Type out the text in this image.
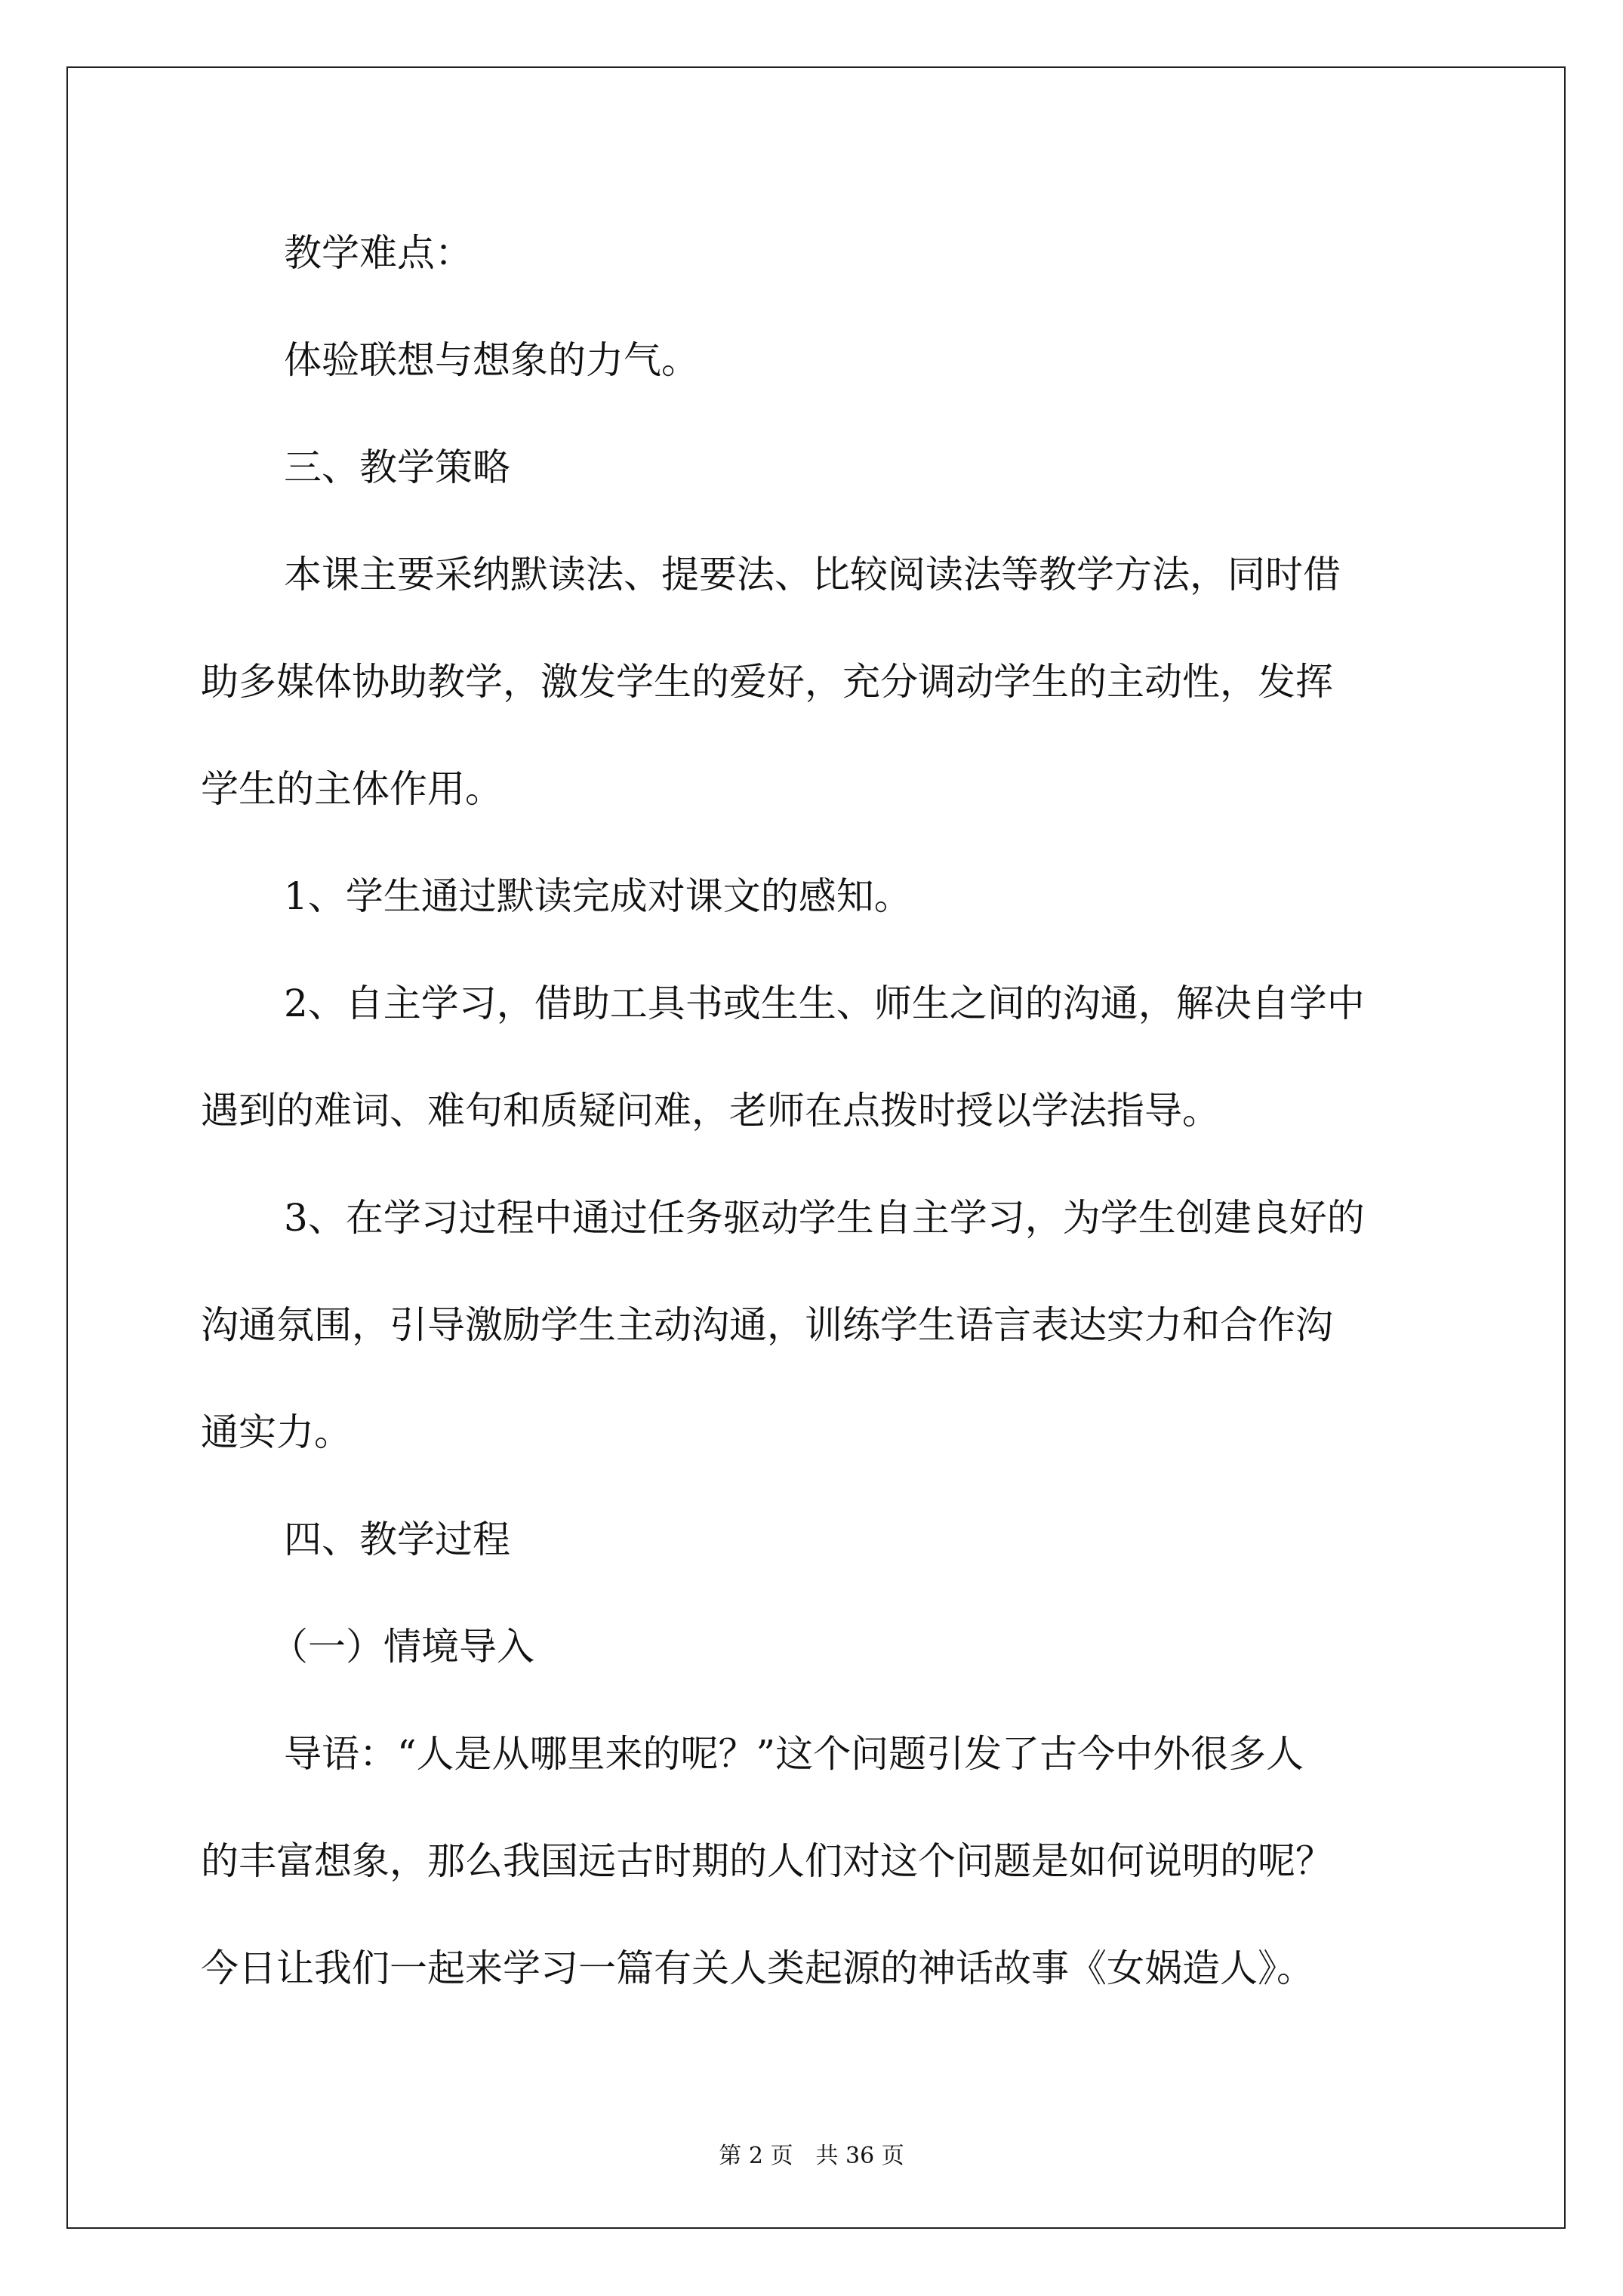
教学难点：
体验联想与想象的力气。
三、教学策略
本课主要采纳默读法、提要法、比较阅读法等教学方法，同时借
助多媒体协助教学，激发学生的爱好，充分调动学生的主动性，发挥
学生的主体作用。
1、学生通过默读完成对课文的感知。
2、自主学习，借助工具书或生生、师生之间的沟通，解决自学中
遇到的难词、难句和质疑问难，老师在点拨时授以学法指导。
3、在学习过程中通过任务驱动学生自主学习，为学生创建良好的
沟通氛围，引导激励学生主动沟通，训练学生语言表达实力和合作沟
通实力。
四、教学过程
（一）情境导入
导语：“人是从哪里来的呢？”这个问题引发了古今中外很多人
的丰富想象，那么我国远古时期的人们对这个问题是如何说明的呢？
今日让我们一起来学习一篇有关人类起源的神话故事《女娲造人》。
第 2 页　共 36 页
